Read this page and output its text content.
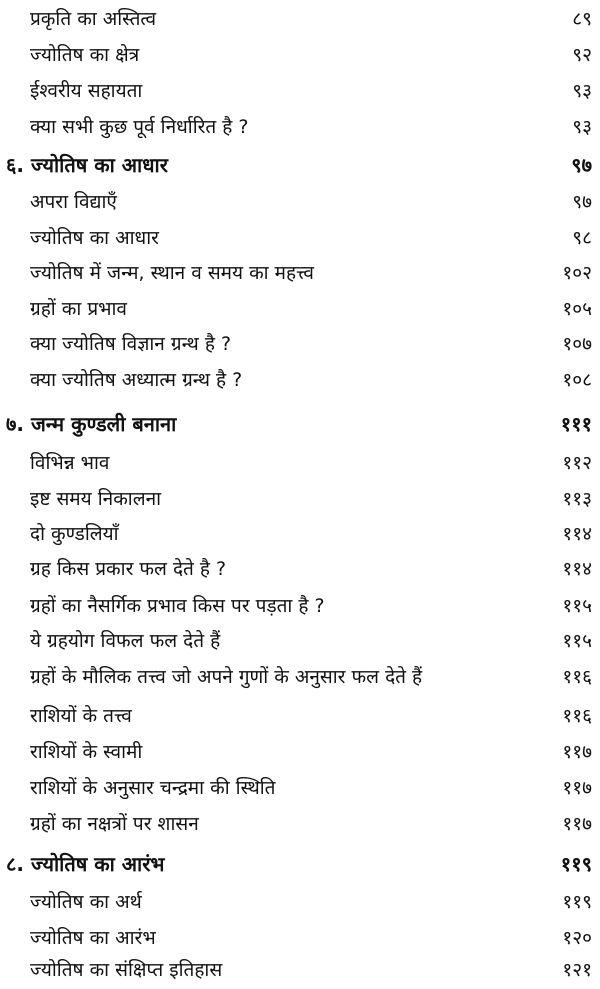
प्रकृति का अस्तित्व	८९
ज्योतिष का क्षेत्र	९२
ईश्वरीय सहायता	९३
क्या सभी कुछ पूर्व निर्धारित है ?	९३
६. ज्योतिष का आधार	९७
अपरा विद्याएँ	९७
ज्योतिष का आधार	९८
ज्योतिष में जन्म, स्थान व समय का महत्त्व	१०२
ग्रहों का प्रभाव	१०५
क्या ज्योतिष विज्ञान ग्रन्थ है ?	१०७
क्या ज्योतिष अध्यात्म ग्रन्थ है ?	१०८
७. जन्म कुण्डली बनाना	१११
विभिन्न भाव	११२
इष्ट समय निकालना	११३
दो कुण्डलियाँ	११४
ग्रह किस प्रकार फल देते है ?	११४
ग्रहों का नैसर्गिक प्रभाव किस पर पड़ता है ?	११५
ये ग्रहयोग विफल फल देते हैं	११५
ग्रहों के मौलिक तत्त्व जो अपने गुणों के अनुसार फल देते हैं	११६
राशियों के तत्त्व	११६
राशियों के स्वामी	११७
राशियों के अनुसार चन्द्रमा की स्थिति	११७
ग्रहों का नक्षत्रों पर शासन	११७
८. ज्योतिष का आरंभ	११९
ज्योतिष का अर्थ	११९
ज्योतिष का आरंभ	१२०
ज्योतिष का संक्षिप्त इतिहास	१२१
